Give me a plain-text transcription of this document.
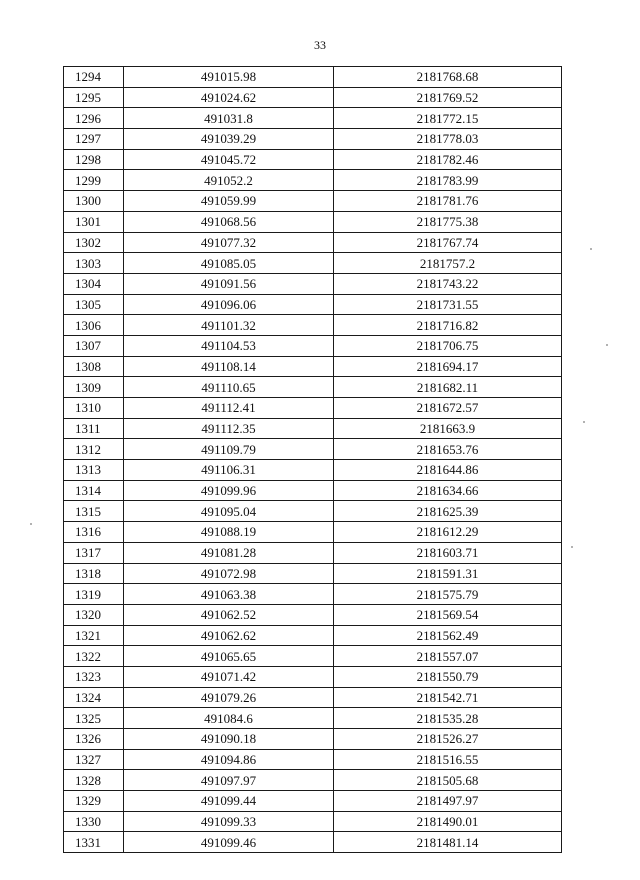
33
1294	491015.98	2181768.68
1295	491024.62	2181769.52
1296	491031.8	2181772.15
1297	491039.29	2181778.03
1298	491045.72	2181782.46
1299	491052.2	2181783.99
1300	491059.99	2181781.76
1301	491068.56	2181775.38
1302	491077.32	2181767.74
1303	491085.05	2181757.2
1304	491091.56	2181743.22
1305	491096.06	2181731.55
1306	491101.32	2181716.82
1307	491104.53	2181706.75
1308	491108.14	2181694.17
1309	491110.65	2181682.11
1310	491112.41	2181672.57
1311	491112.35	2181663.9
1312	491109.79	2181653.76
1313	491106.31	2181644.86
1314	491099.96	2181634.66
1315	491095.04	2181625.39
1316	491088.19	2181612.29
1317	491081.28	2181603.71
1318	491072.98	2181591.31
1319	491063.38	2181575.79
1320	491062.52	2181569.54
1321	491062.62	2181562.49
1322	491065.65	2181557.07
1323	491071.42	2181550.79
1324	491079.26	2181542.71
1325	491084.6	2181535.28
1326	491090.18	2181526.27
1327	491094.86	2181516.55
1328	491097.97	2181505.68
1329	491099.44	2181497.97
1330	491099.33	2181490.01
1331	491099.46	2181481.14
